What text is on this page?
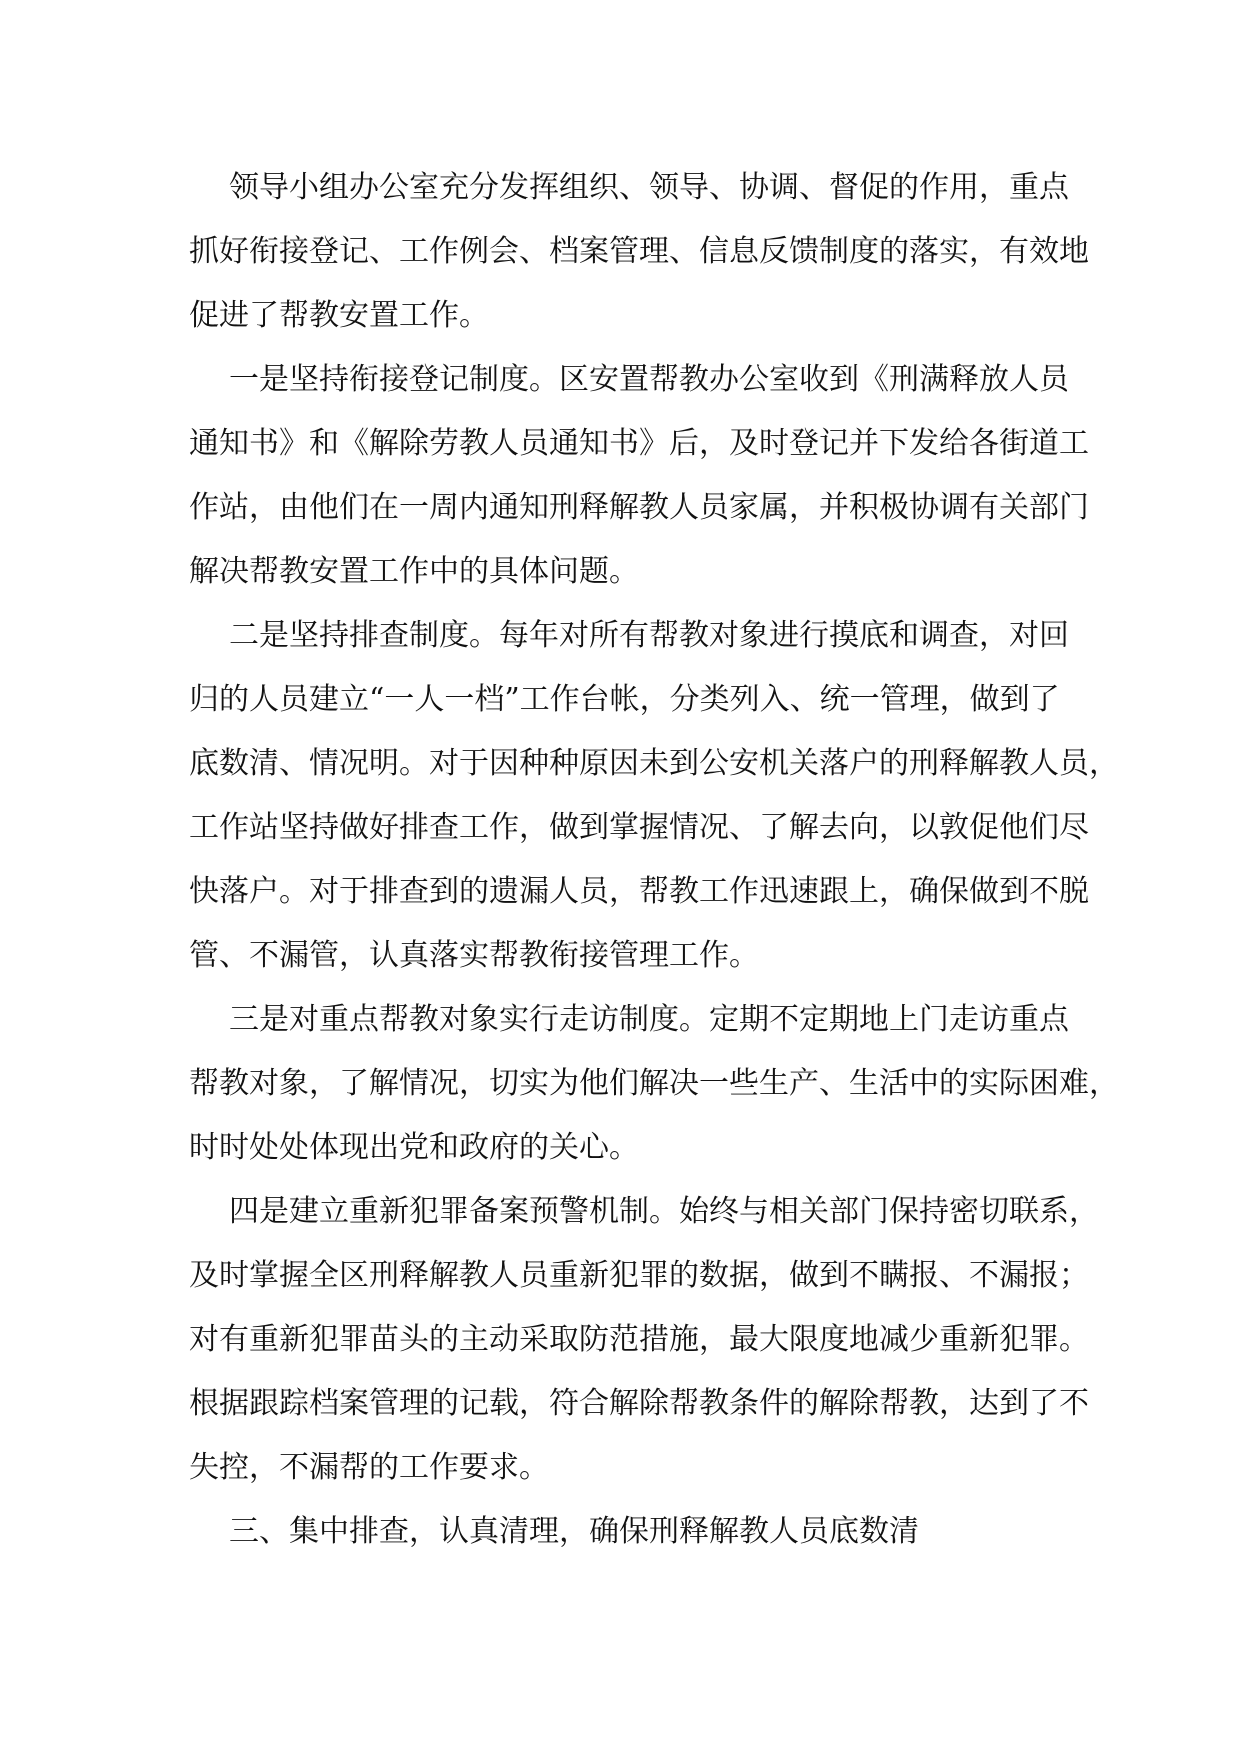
领导小组办公室充分发挥组织、领导、协调、督促的作用，重点
抓好衔接登记、工作例会、档案管理、信息反馈制度的落实，有效地
促进了帮教安置工作。
一是坚持衔接登记制度。区安置帮教办公室收到《刑满释放人员
通知书》和《解除劳教人员通知书》后，及时登记并下发给各街道工
作站，由他们在一周内通知刑释解教人员家属，并积极协调有关部门
解决帮教安置工作中的具体问题。
二是坚持排查制度。每年对所有帮教对象进行摸底和调查，对回
归的人员建立“一人一档”工作台帐，分类列入、统一管理，做到了
底数清、情况明。对于因种种原因未到公安机关落户的刑释解教人员，
工作站坚持做好排查工作，做到掌握情况、了解去向，以敦促他们尽
快落户。对于排查到的遗漏人员，帮教工作迅速跟上，确保做到不脱
管、不漏管，认真落实帮教衔接管理工作。
三是对重点帮教对象实行走访制度。定期不定期地上门走访重点
帮教对象，了解情况，切实为他们解决一些生产、生活中的实际困难，
时时处处体现出党和政府的关心。
四是建立重新犯罪备案预警机制。始终与相关部门保持密切联系，
及时掌握全区刑释解教人员重新犯罪的数据，做到不瞒报、不漏报；
对有重新犯罪苗头的主动采取防范措施，最大限度地减少重新犯罪。
根据跟踪档案管理的记载，符合解除帮教条件的解除帮教，达到了不
失控，不漏帮的工作要求。
三、集中排查，认真清理，确保刑释解教人员底数清
